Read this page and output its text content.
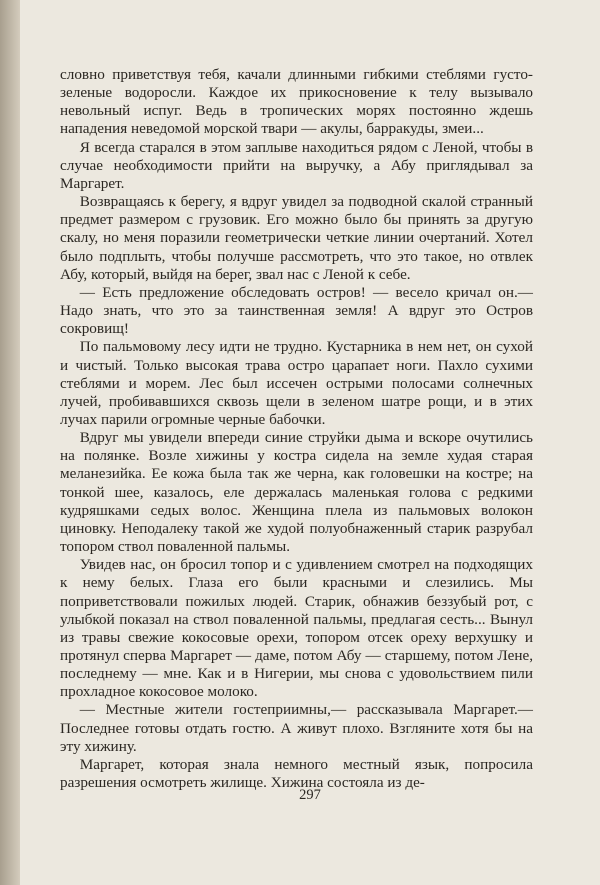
словно приветствуя тебя, качали длинными гибкими стеблями густо-зеленые водоросли. Каждое их прикосновение к телу вызывало невольный испуг. Ведь в тропических морях постоянно ждешь нападения неведомой морской твари — акулы, барракуды, змеи...

Я всегда старался в этом заплыве находиться рядом с Леной, чтобы в случае необходимости прийти на выручку, а Абу приглядывал за Маргарет.

Возвращаясь к берегу, я вдруг увидел за подводной скалой странный предмет размером с грузовик. Его можно было бы принять за другую скалу, но меня поразили геометрически четкие линии очертаний. Хотел было подплыть, чтобы получше рассмотреть, что это такое, но отвлек Абу, который, выйдя на берег, звал нас с Леной к себе.

— Есть предложение обследовать остров! — весело кричал он.— Надо знать, что это за таинственная земля! А вдруг это Остров сокровищ!

По пальмовому лесу идти не трудно. Кустарника в нем нет, он сухой и чистый. Только высокая трава остро царапает ноги. Пахло сухими стеблями и морем. Лес был иссечен острыми полосами солнечных лучей, пробивавшихся сквозь щели в зеленом шатре рощи, и в этих лучах парили огромные черные бабочки.

Вдруг мы увидели впереди синие струйки дыма и вскоре очутились на полянке. Возле хижины у костра сидела на земле худая старая меланезийка. Ее кожа была так же черна, как головешки на костре; на тонкой шее, казалось, еле держалась маленькая голова с редкими кудряшками седых волос. Женщина плела из пальмовых волокон циновку. Неподалеку такой же худой полуобнаженный старик разрубал топором ствол поваленной пальмы.

Увидев нас, он бросил топор и с удивлением смотрел на подходящих к нему белых. Глаза его были красными и слезились. Мы поприветствовали пожилых людей. Старик, обнажив беззубый рот, с улыбкой показал на ствол поваленной пальмы, предлагая сесть... Вынул из травы свежие кокосовые орехи, топором отсек ореху верхушку и протянул сперва Маргарет — даме, потом Абу — старшему, потом Лене, последнему — мне. Как и в Нигерии, мы снова с удовольствием пили прохладное кокосовое молоко.

— Местные жители гостеприимны,— рассказывала Маргарет.— Последнее готовы отдать гостю. А живут плохо. Взгляните хотя бы на эту хижину.

Маргарет, которая знала немного местный язык, попросила разрешения осмотреть жилище. Хижина состояла из де-

297
